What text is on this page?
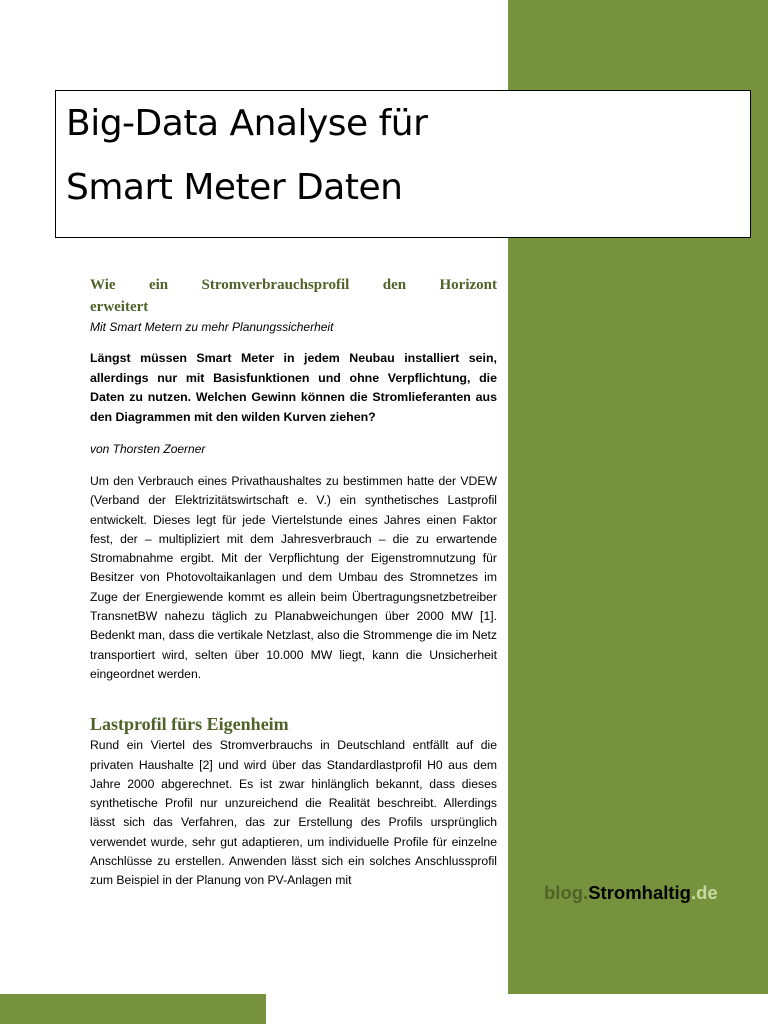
Big-Data Analyse für
Smart Meter Daten
Wie ein Stromverbrauchsprofil den Horizont
erweitert
Mit Smart Metern zu mehr Planungssicherheit
Längst müssen Smart Meter in jedem Neubau installiert sein, allerdings nur mit Basisfunktionen und ohne Verpflichtung, die Daten zu nutzen. Welchen Gewinn können die Stromlieferanten aus den Diagrammen mit den wilden Kurven ziehen?
von Thorsten Zoerner
Um den Verbrauch eines Privathaushaltes zu bestimmen hatte der VDEW (Verband der Elektrizitätswirtschaft e. V.) ein synthetisches Lastprofil entwickelt. Dieses legt für jede Viertelstunde eines Jahres einen Faktor fest, der – multipliziert mit dem Jahresverbrauch – die zu erwartende Stromabnahme ergibt. Mit der Verpflichtung der Eigenstromnutzung für Besitzer von Photovoltaikanlagen und dem Umbau des Stromnetzes im Zuge der Energiewende kommt es allein beim Übertragungsnetzbetreiber TransnetBW nahezu täglich zu Planabweichungen über 2000 MW [1]. Bedenkt man, dass die vertikale Netzlast, also die Strommenge die im Netz transportiert wird, selten über 10.000 MW liegt, kann die Unsicherheit eingeordnet werden.
Lastprofil fürs Eigenheim
Rund ein Viertel des Stromverbrauchs in Deutschland entfällt auf die privaten Haushalte [2] und wird über das Standardlastprofil H0 aus dem Jahre 2000 abgerechnet. Es ist zwar hinlänglich bekannt, dass dieses synthetische Profil nur unzureichend die Realität beschreibt. Allerdings lässt sich das Verfahren, das zur Erstellung des Profils ursprünglich verwendet wurde, sehr gut adaptieren, um individuelle Profile für einzelne Anschlüsse zu erstellen. Anwenden lässt sich ein solches Anschlussprofil zum Beispiel in der Planung von PV-Anlagen mit
blog.Stromhaltig.de
